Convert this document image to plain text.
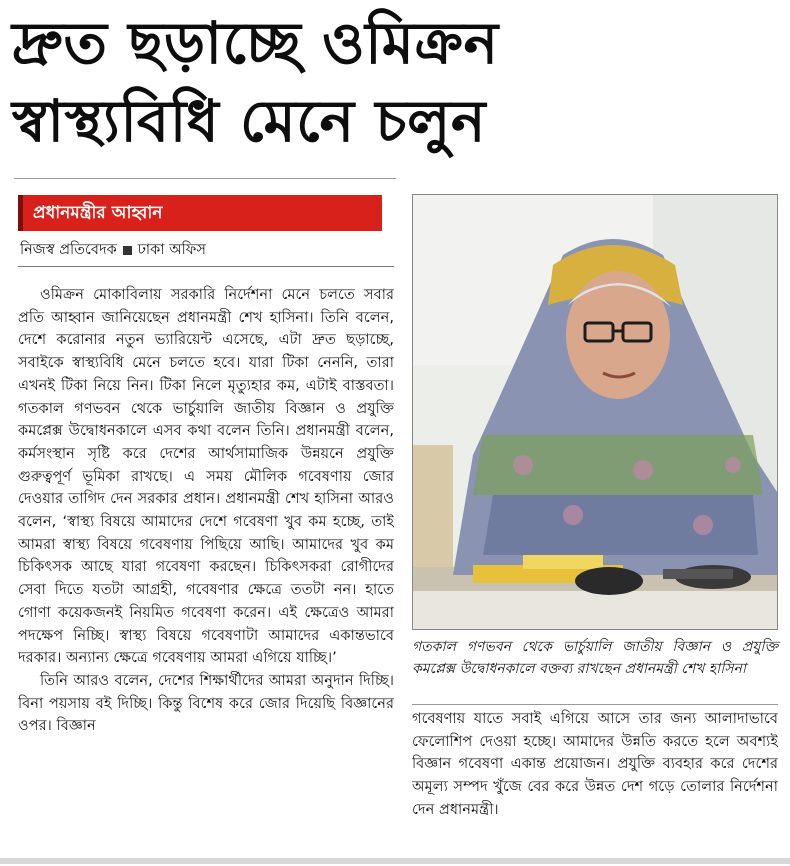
দ্রুত ছড়াচ্ছে ওমিক্রন
স্বাস্থ্যবিধি মেনে চলুন
প্রধানমন্ত্রীর আহ্বান
নিজস্ব প্রতিবেদক ঢাকা অফিস

ওমিক্রন মোকাবিলায় সরকারি নির্দেশনা মেনে চলতে সবার প্রতি আহ্বান জানিয়েছেন প্রধানমন্ত্রী শেখ হাসিনা। তিনি বলেন, দেশে করোনার নতুন ভ্যারিয়েন্ট এসেছে, এটা দ্রুত ছড়াচ্ছে, সবাইকে স্বাস্থ্যবিধি মেনে চলতে হবে। যারা টিকা নেননি, তারা এখনই টিকা নিয়ে নিন। টিকা নিলে মৃত্যুহার কম, এটাই বাস্তবতা। গতকাল গণভবন থেকে ভার্চুয়ালি জাতীয় বিজ্ঞান ও প্রযুক্তি কমপ্লেক্স উদ্বোধনকালে এসব কথা বলেন তিনি। প্রধানমন্ত্রী বলেন, কর্মসংস্থান সৃষ্টি করে দেশের আর্থসামাজিক উন্নয়নে প্রযুক্তি গুরুত্বপূর্ণ ভূমিকা রাখছে। এ সময় মৌলিক গবেষণায় জোর দেওয়ার তাগিদ দেন সরকার প্রধান। প্রধানমন্ত্রী শেখ হাসিনা আরও বলেন, ‘স্বাস্থ্য বিষয়ে আমাদের দেশে গবেষণা খুব কম হচ্ছে, তাই আমরা স্বাস্থ্য বিষয়ে গবেষণায় পিছিয়ে আছি। আমাদের খুব কম চিকিৎসক আছে যারা গবেষণা করছেন। চিকিৎসকরা রোগীদের সেবা দিতে যতটা আগ্রহী, গবেষণার ক্ষেত্রে ততটা নন। হাতে গোণা কয়েকজনই নিয়মিত গবেষণা করেন। এই ক্ষেত্রেও আমরা পদক্ষেপ নিচ্ছি। স্বাস্থ্য বিষয়ে গবেষণাটা আমাদের একান্তভাবে দরকার। অন্যান্য ক্ষেত্রে গবেষণায় আমরা এগিয়ে যাচ্ছি।’

তিনি আরও বলেন, দেশের শিক্ষার্থীদের আমরা অনুদান দিচ্ছি। বিনা পয়সায় বই দিচ্ছি। কিন্তু বিশেষ করে জোর দিয়েছি বিজ্ঞানের ওপর। বিজ্ঞান

গতকাল গণভবন থেকে ভার্চুয়ালি জাতীয় বিজ্ঞান ও প্রযুক্তি কমপ্লেক্স উদ্বোধনকালে বক্তব্য রাখছেন প্রধানমন্ত্রী শেখ হাসিনা

গবেষণায় যাতে সবাই এগিয়ে আসে তার জন্য আলাদাভাবে ফেলোশিপ দেওয়া হচ্ছে। আমাদের উন্নতি করতে হলে অবশ্যই বিজ্ঞান গবেষণা একান্ত প্রয়োজন। প্রযুক্তি ব্যবহার করে দেশের অমূল্য সম্পদ খুঁজে বের করে উন্নত দেশ গড়ে তোলার নির্দেশনা দেন প্রধানমন্ত্রী।
